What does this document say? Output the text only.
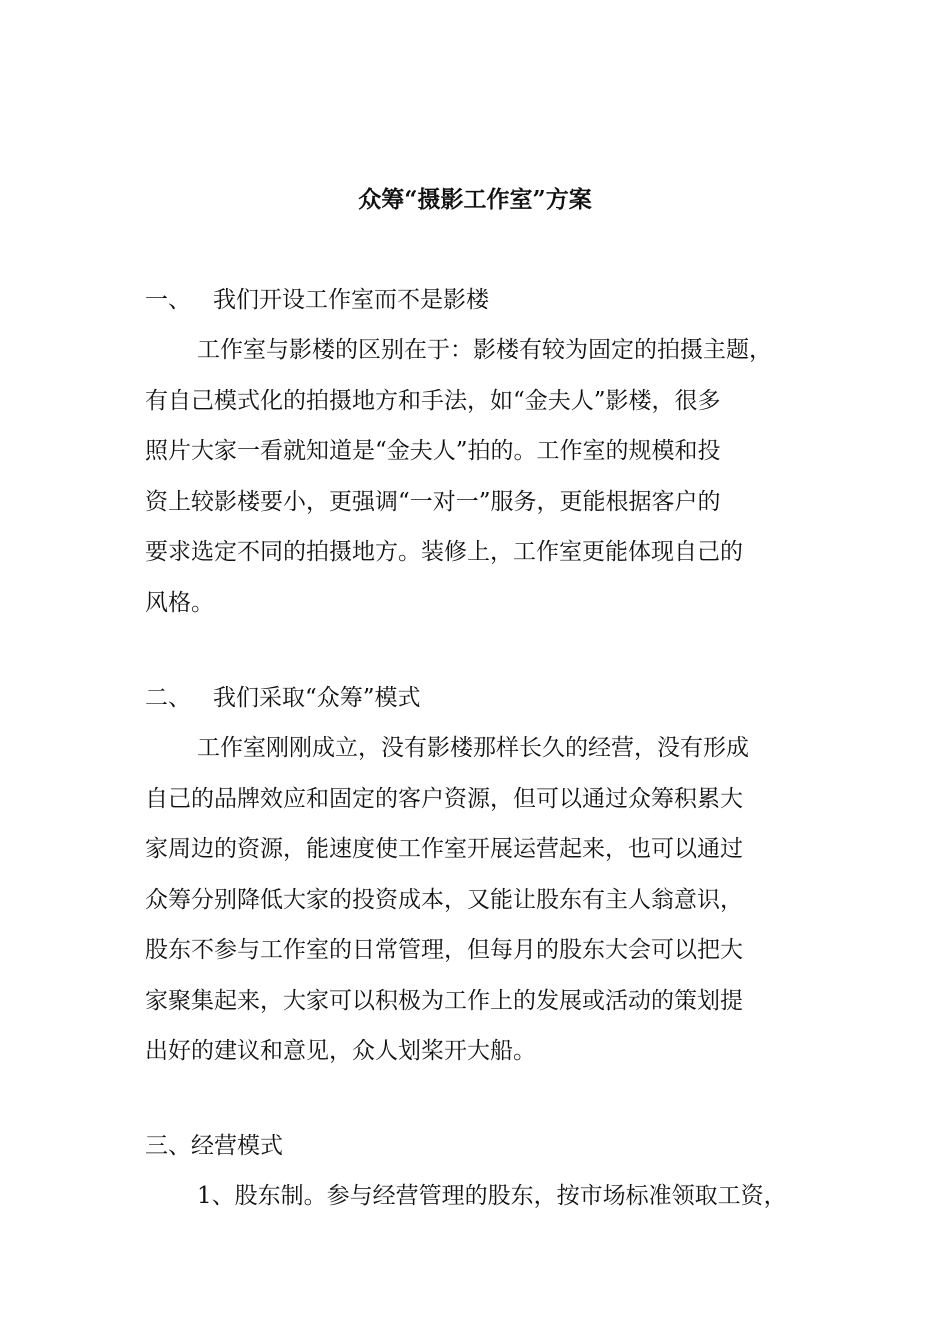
众筹“摄影工作室”方案
一、 我们开设工作室而不是影楼
工作室与影楼的区别在于：影楼有较为固定的拍摄主题，
有自己模式化的拍摄地方和手法，如“金夫人”影楼，很多
照片大家一看就知道是“金夫人”拍的。工作室的规模和投
资上较影楼要小，更强调“一对一”服务，更能根据客户的
要求选定不同的拍摄地方。装修上，工作室更能体现自己的
风格。
二、 我们采取“众筹”模式
工作室刚刚成立，没有影楼那样长久的经营，没有形成
自己的品牌效应和固定的客户资源，但可以通过众筹积累大
家周边的资源，能速度使工作室开展运营起来，也可以通过
众筹分别降低大家的投资成本，又能让股东有主人翁意识，
股东不参与工作室的日常管理，但每月的股东大会可以把大
家聚集起来，大家可以积极为工作上的发展或活动的策划提
出好的建议和意见，众人划桨开大船。
三、经营模式
1、股东制。参与经营管理的股东，按市场标准领取工资，
